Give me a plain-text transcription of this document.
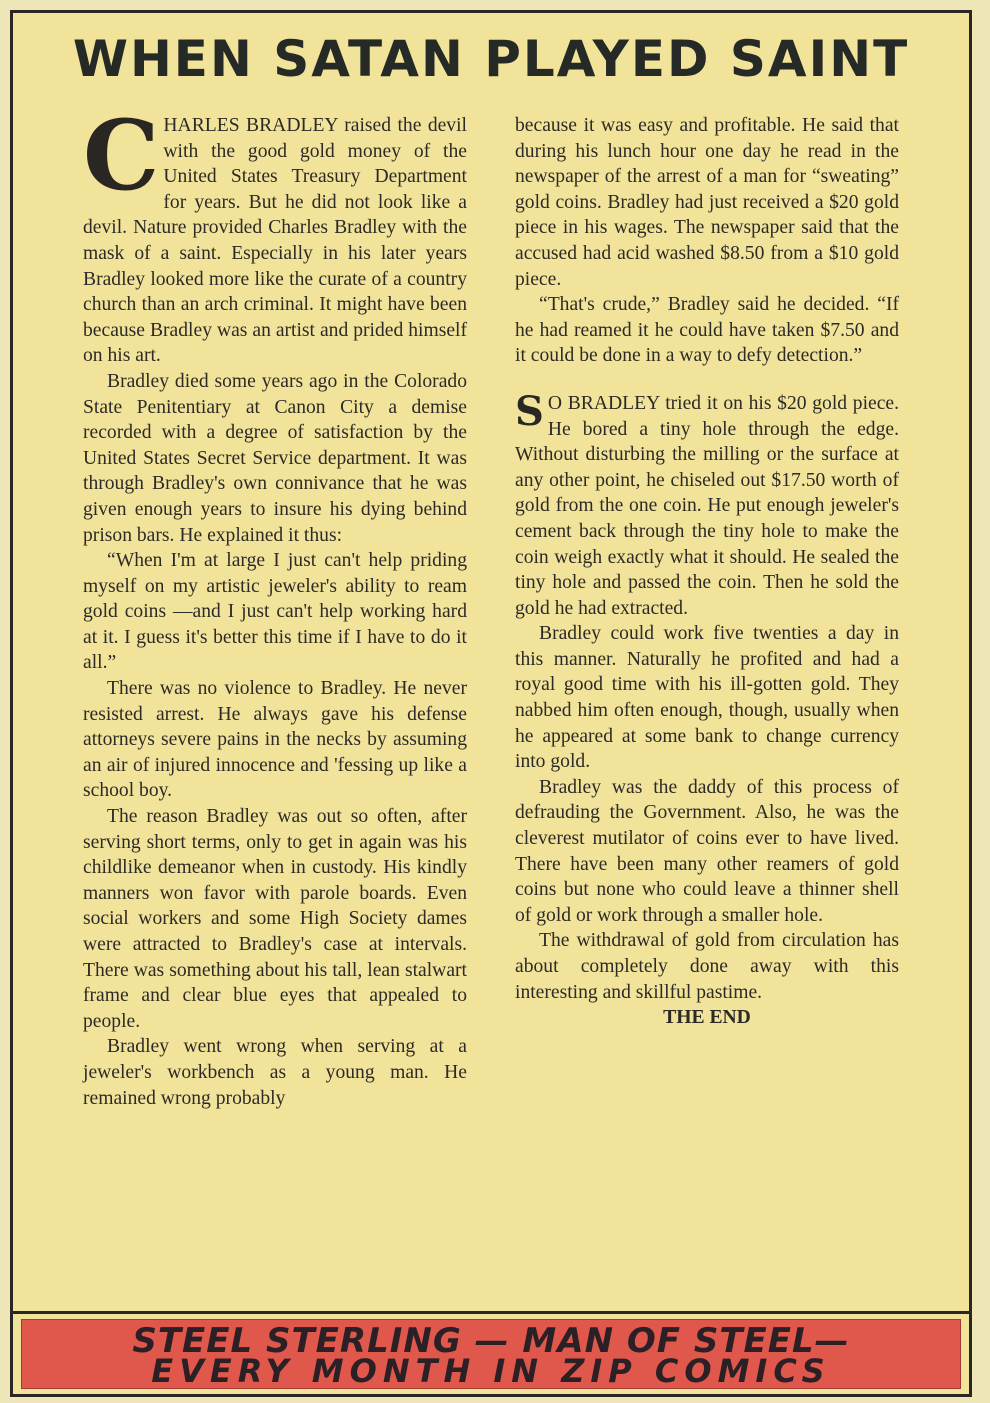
WHEN SATAN PLAYED SAINT

CHARLES BRADLEY raised the devil with the good gold money of the United States Treasury Department for years. But he did not look like a devil. Nature provided Charles Bradley with the mask of a saint. Especially in his later years Bradley looked more like the curate of a country church than an arch criminal. It might have been because Bradley was an artist and prided himself on his art.

Bradley died some years ago in the Colorado State Penitentiary at Canon City a demise recorded with a degree of satisfaction by the United States Secret Service department. It was through Bradley's own connivance that he was given enough years to insure his dying behind prison bars. He explained it thus:

“When I'm at large I just can't help priding myself on my artistic jeweler's ability to ream gold coins —and I just can't help working hard at it. I guess it's better this time if I have to do it all.”

There was no violence to Bradley. He never resisted arrest. He always gave his defense attorneys severe pains in the necks by assuming an air of injured innocence and 'fessing up like a school boy.

The reason Bradley was out so often, after serving short terms, only to get in again was his childlike demeanor when in custody. His kindly manners won favor with parole boards. Even social workers and some High Society dames were attracted to Bradley's case at intervals. There was something about his tall, lean stalwart frame and clear blue eyes that appealed to people.

Bradley went wrong when serving at a jeweler's workbench as a young man. He remained wrong probably

because it was easy and profitable. He said that during his lunch hour one day he read in the newspaper of the arrest of a man for “sweating” gold coins. Bradley had just received a $20 gold piece in his wages. The newspaper said that the accused had acid washed $8.50 from a $10 gold piece.

“That's crude,” Bradley said he decided. “If he had reamed it he could have taken $7.50 and it could be done in a way to defy detection.”

S O BRADLEY tried it on his $20 gold piece. He bored a tiny hole through the edge. Without disturbing the milling or the surface at any other point, he chiseled out $17.50 worth of gold from the one coin. He put enough jeweler's cement back through the tiny hole to make the coin weigh exactly what it should. He sealed the tiny hole and passed the coin. Then he sold the gold he had extracted.

Bradley could work five twenties a day in this manner. Naturally he profited and had a royal good time with his ill-gotten gold. They nabbed him often enough, though, usually when he appeared at some bank to change currency into gold.

Bradley was the daddy of this process of defrauding the Government. Also, he was the cleverest mutilator of coins ever to have lived. There have been many other reamers of gold coins but none who could leave a thinner shell of gold or work through a smaller hole.

The withdrawal of gold from circulation has about completely done away with this interesting and skillful pastime.

THE END

STEEL STERLING — MAN OF STEEL—
EVERY MONTH IN ZIP COMICS
